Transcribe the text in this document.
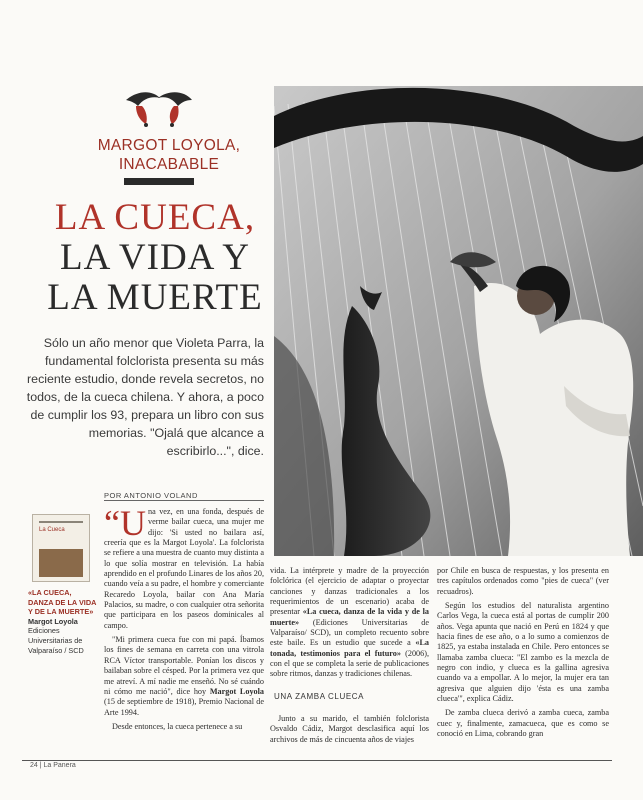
MARGOT LOYOLA,
INACABABLE
LA CUECA,
LA VIDA Y
LA MUERTE
Sólo un año menor que Violeta Parra, la fundamental folclorista presenta su más reciente estudio, donde revela secretos, no todos, de la cueca chilena. Y ahora, a poco de cumplir los 93, prepara un libro con sus memorias. "Ojalá que alcance a escribirlo...", dice.
POR ANTONIO VOLAND
La Cueca
«LA CUECA, DANZA DE LA VIDA Y DE LA MUERTE»
Margot Loyola
Ediciones Universitarias de Valparaíso / SCD

“Una vez, en una fonda, después de verme bailar cueca, una mujer me dijo: 'Si usted no bailara así, creería que es la Margot Loyola'. La folclorista se refiere a una muestra de cuanto muy distinta a lo que solía mostrar en televisión. La había aprendido en el profundo Linares de los años 20, cuando veía a su padre, el hombre y comerciante Recaredo Loyola, bailar con Ana María Palacios, su madre, o con cualquier otra señorita que participara en los paseos dominicales al campo.

"Mi primera cueca fue con mi papá. Íbamos los fines de semana en carreta con una vitrola RCA Víctor transportable. Ponían los discos y bailaban sobre el césped. Por la primera vez que me atreví. A mí nadie me enseñó. No sé cuándo ni cómo me nació", dice hoy Margot Loyola (15 de septiembre de 1918), Premio Nacional de Arte 1994.

Desde entonces, la cueca pertenece a su

vida. La intérprete y madre de la proyección folclórica (el ejercicio de adaptar o proyectar canciones y danzas tradicionales a los requerimientos de un escenario) acaba de presentar «La cueca, danza de la vida y de la muerte» (Ediciones Universitarias de Valparaíso/ SCD), un completo recuento sobre este baile. Es un estudio que sucede a «La tonada, testimonios para el futuro» (2006), con el que se completa la serie de publicaciones sobre ritmos, danzas y tradiciones chilenas.

UNA ZAMBA CLUECA

Junto a su marido, el también folclorista Osvaldo Cádiz, Margot desclasifica aquí los archivos de más de cincuenta años de viajes

por Chile en busca de respuestas, y los presenta en tres capítulos ordenados como "pies de cueca" (ver recuadros).

Según los estudios del naturalista argentino Carlos Vega, la cueca está al portas de cumplir 200 años. Vega apunta que nació en Perú en 1824 y que hacia fines de ese año, o a lo sumo a comienzos de 1825, ya estaba instalada en Chile. Pero entonces se llamaba zamba clueca: "El zambo es la mezcla de negro con indio, y clueca es la gallina agresiva cuando va a empollar. A lo mejor, la mujer era tan agresiva que alguien dijo 'ésta es una zamba clueca'", explica Cádiz.

De zamba clueca derivó a zamba cueca, zamba cuec y, finalmente, zamacueca, que es como se conoció en Lima, cobrando gran

24 | La Panera
